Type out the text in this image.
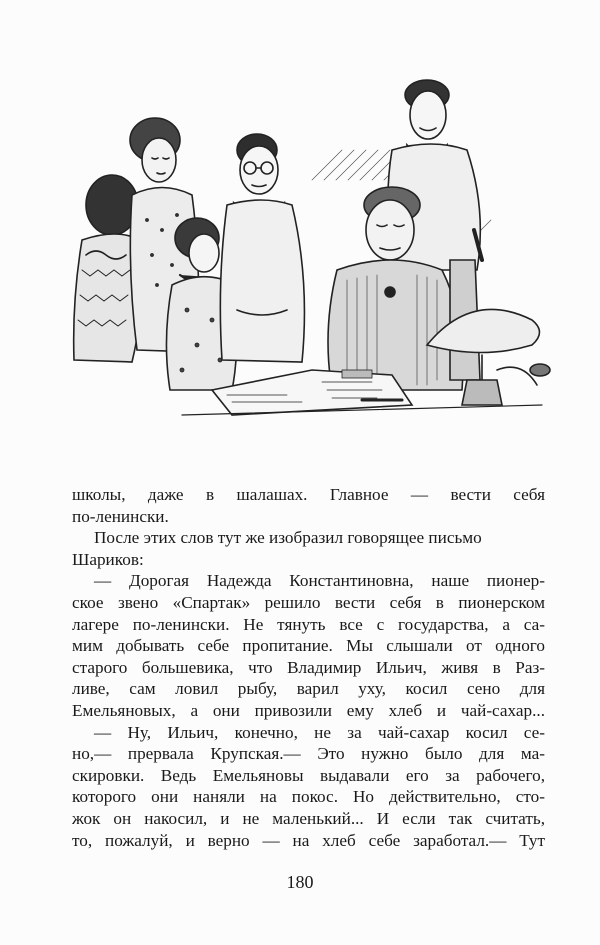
школы, даже в шалашах. Главное — вести себя
по-ленински.
После этих слов тут же изобразил говорящее письмо
Шариков:
— Дорогая Надежда Константиновна, наше пионер-
ское звено «Спартак» решило вести себя в пионерском
лагере по-ленински. Не тянуть все с государства, а са-
мим добывать себе пропитание. Мы слышали от одного
старого большевика, что Владимир Ильич, живя в Раз-
ливе, сам ловил рыбу, варил уху, косил сено для
Емельяновых, а они привозили ему хлеб и чай-сахар...
— Ну, Ильич, конечно, не за чай-сахар косил се-
но,— прервала Крупская.— Это нужно было для ма-
скировки. Ведь Емельяновы выдавали его за рабочего,
которого они наняли на покос. Но действительно, сто-
жок он накосил, и не маленький... И если так считать,
то, пожалуй, и верно — на хлеб себе заработал.— Тут
180
